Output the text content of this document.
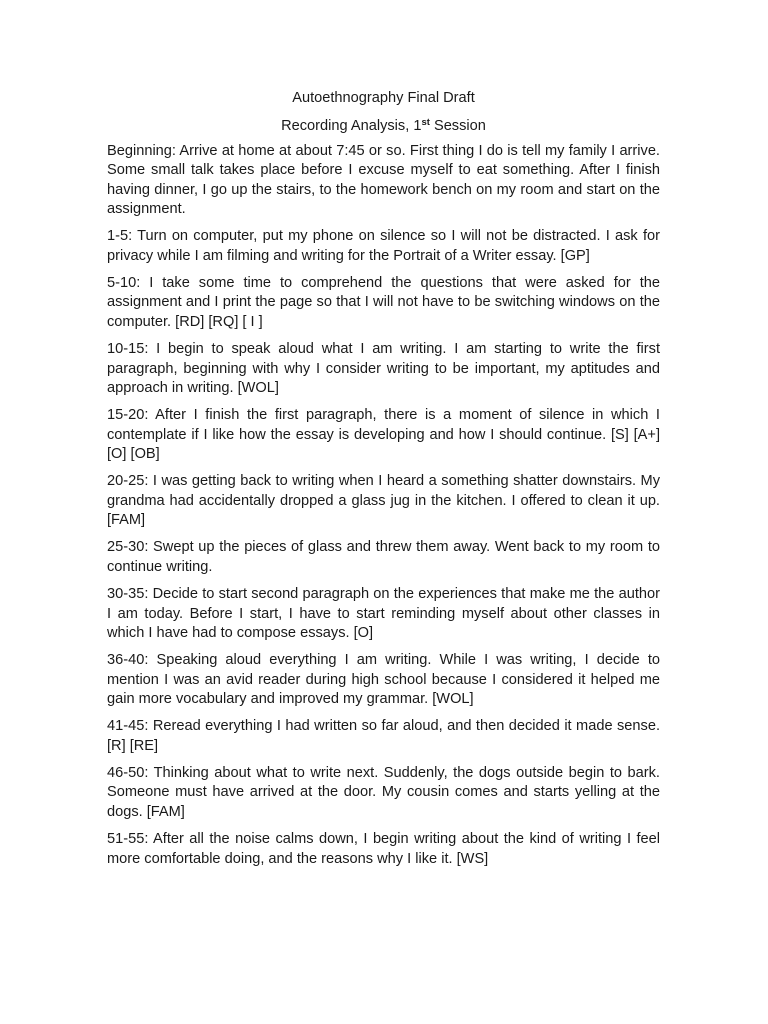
Autoethnography Final Draft
Recording Analysis, 1st Session

Beginning: Arrive at home at about 7:45 or so. First thing I do is tell my family I arrive. Some small talk takes place before I excuse myself to eat something. After I finish having dinner, I go up the stairs, to the homework bench on my room and start on the assignment.

1-5: Turn on computer, put my phone on silence so I will not be distracted. I ask for privacy while I am filming and writing for the Portrait of a Writer essay. [GP]

5-10: I take some time to comprehend the questions that were asked for the assignment and I print the page so that I will not have to be switching windows on the computer. [RD] [RQ] [ I ]

10-15: I begin to speak aloud what I am writing. I am starting to write the first paragraph, beginning with why I consider writing to be important, my aptitudes and approach in writing. [WOL]

15-20: After I finish the first paragraph, there is a moment of silence in which I contemplate if I like how the essay is developing and how I should continue. [S] [A+] [O] [OB]

20-25: I was getting back to writing when I heard a something shatter downstairs. My grandma had accidentally dropped a glass jug in the kitchen. I offered to clean it up. [FAM]

25-30: Swept up the pieces of glass and threw them away. Went back to my room to continue writing.

30-35: Decide to start second paragraph on the experiences that make me the author I am today. Before I start, I have to start reminding myself about other classes in which I have had to compose essays. [O]

36-40: Speaking aloud everything I am writing. While I was writing, I decide to mention I was an avid reader during high school because I considered it helped me gain more vocabulary and improved my grammar. [WOL]

41-45: Reread everything I had written so far aloud, and then decided it made sense. [R] [RE]

46-50: Thinking about what to write next. Suddenly, the dogs outside begin to bark. Someone must have arrived at the door. My cousin comes and starts yelling at the dogs. [FAM]

51-55: After all the noise calms down, I begin writing about the kind of writing I feel more comfortable doing, and the reasons why I like it. [WS]
